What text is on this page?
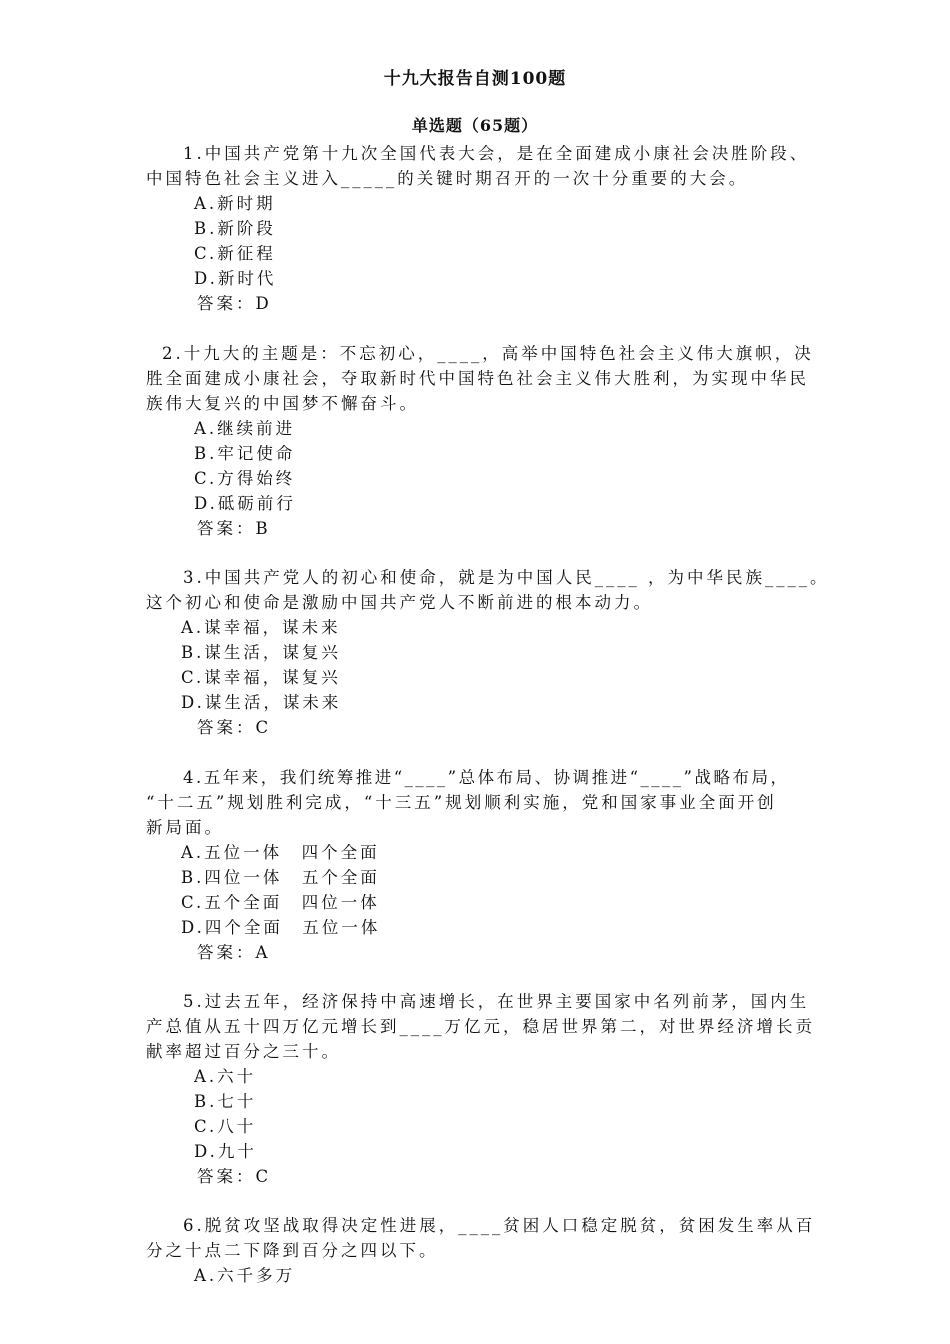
十九大报告自测100题
单选题（65题）
1.中国共产党第十九次全国代表大会，是在全面建成小康社会决胜阶段、
中国特色社会主义进入_____的关键时期召开的一次十分重要的大会。
A.新时期
B.新阶段
C.新征程
D.新时代
答案：D
2.十九大的主题是：不忘初心，____，高举中国特色社会主义伟大旗帜，决
胜全面建成小康社会，夺取新时代中国特色社会主义伟大胜利，为实现中华民
族伟大复兴的中国梦不懈奋斗。
A.继续前进
B.牢记使命
C.方得始终
D.砥砺前行
答案：B
3.中国共产党人的初心和使命，就是为中国人民____ ，为中华民族____。
这个初心和使命是激励中国共产党人不断前进的根本动力。
A.谋幸福，谋未来
B.谋生活，谋复兴
C.谋幸福，谋复兴
D.谋生活，谋未来
答案：C
4.五年来，我们统筹推进“____”总体布局、协调推进“____”战略布局，
“十二五”规划胜利完成，“十三五”规划顺利实施，党和国家事业全面开创
新局面。
A.五位一体　四个全面
B.四位一体　五个全面
C.五个全面　四位一体
D.四个全面　五位一体
答案：A
5.过去五年，经济保持中高速增长，在世界主要国家中名列前茅，国内生
产总值从五十四万亿元增长到____万亿元，稳居世界第二，对世界经济增长贡
献率超过百分之三十。
A.六十
B.七十
C.八十
D.九十
答案：C
6.脱贫攻坚战取得决定性进展，____贫困人口稳定脱贫，贫困发生率从百
分之十点二下降到百分之四以下。
A.六千多万
